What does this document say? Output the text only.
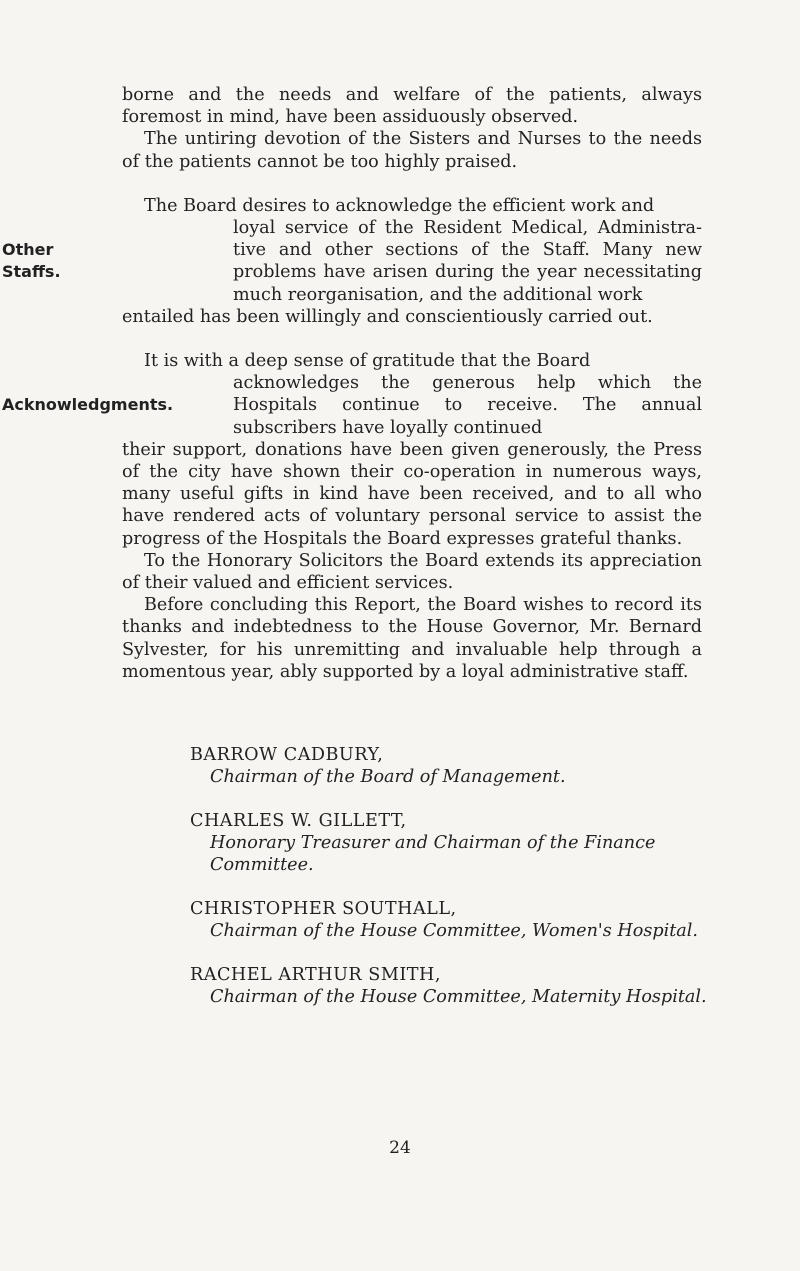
borne and the needs and welfare of the patients, always foremost in mind, have been assiduously observed.

The untiring devotion of the Sisters and Nurses to the needs of the patients cannot be too highly praised.

The Board desires to acknowledge the efficient work and

Other
Staffs.

loyal service of the Resident Medical, Administra- tive and other sections of the Staff. Many new problems have arisen during the year necessitating much reorganisation, and the additional work

entailed has been willingly and conscientiously carried out.

It is with a deep sense of gratitude that the Board

Acknowledgments.

acknowledges the generous help which the Hospitals continue to receive. The annual subscribers have loyally continued

their support, donations have been given generously, the Press of the city have shown their co-operation in numerous ways, many useful gifts in kind have been received, and to all who have rendered acts of voluntary personal service to assist the progress of the Hospitals the Board expresses grateful thanks.

To the Honorary Solicitors the Board extends its appreciation of their valued and efficient services.

Before concluding this Report, the Board wishes to record its thanks and indebtedness to the House Governor, Mr. Bernard Sylvester, for his unremitting and invaluable help through a momentous year, ably supported by a loyal administrative staff.

BARROW CADBURY,
Chairman of the Board of Management.
CHARLES W. GILLETT,
Honorary Treasurer and Chairman of the Finance Committee.
CHRISTOPHER SOUTHALL,
Chairman of the House Committee, Women's Hospital.
RACHEL ARTHUR SMITH,
Chairman of the House Committee, Maternity Hospital.
24
